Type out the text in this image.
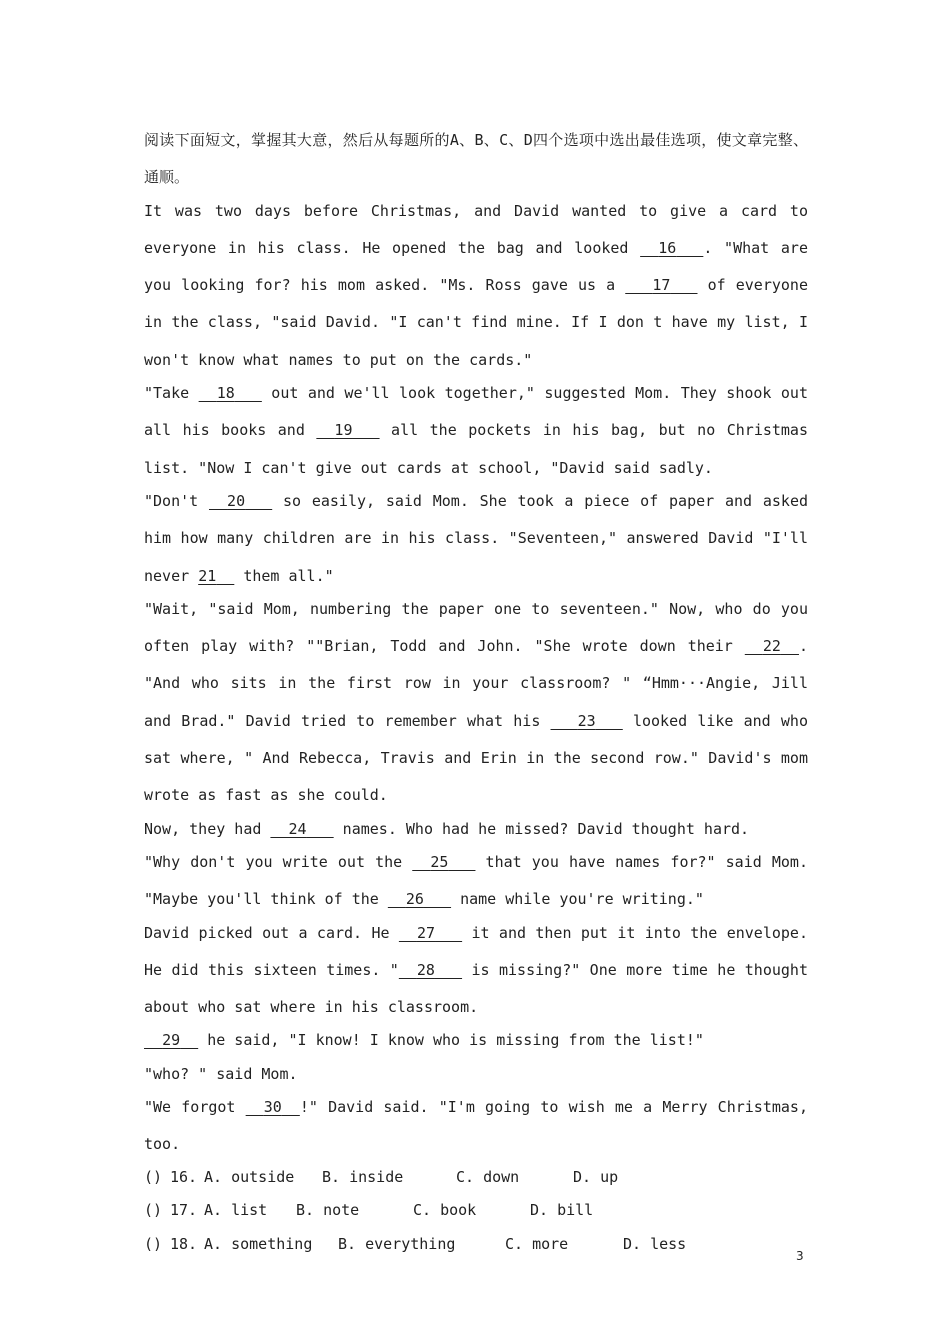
阅读下面短文，掌握其大意，然后从每题所的A、B、C、D四个选项中选出最佳选项，使文章完整、通顺。

It was two days before Christmas, and David wanted to give a card to everyone in his class. He opened the bag and looked   16 . "What are you looking for? his mom asked. "Ms. Ross gave us a    17    of everyone in the class, "said David. "I can't find mine. If I don t have my list, I won't know what names to put on the cards."

"Take   18    out and we'll look together," suggested Mom. They shook out all his books and   19    all the pockets in his bag, but no Christmas list. "Now I can't give out cards at school, "David said sadly.

"Don't   20    so easily, said Mom. She took a piece of paper and asked him how many children are in his class. "Seventeen," answered David "I'll never 21   them all."

"Wait, "said Mom, numbering the paper one to seventeen." Now, who do you often play with? ""Brian, Todd and John. "She wrote down their   22 . "And who sits in the first row in your classroom? " “Hmm···Angie, Jill and Brad." David tried to remember what his    23    looked like and who sat where, " And Rebecca, Travis and Erin in the second row." David's mom wrote as fast as she could.

Now, they had   24    names. Who had he missed? David thought hard.

"Why don't you write out the   25    that you have names for?" said Mom. "Maybe you'll think of the   26    name while you're writing."

David picked out a card. He   27    it and then put it into the envelope. He did this sixteen times. " 28    is missing?" One more time he thought about who sat where in his classroom.

29   he said, "I know! I know who is missing from the list!"

"who? " said Mom.

"We forgot   30 !" David said. "I'm going to wish me a Merry Christmas, too.

() 16. A. outside B. inside	C. down	D. up
() 17. A. list B. note	C. book	D. bill
() 18. A. something B. everything	C. more	D. less
3
